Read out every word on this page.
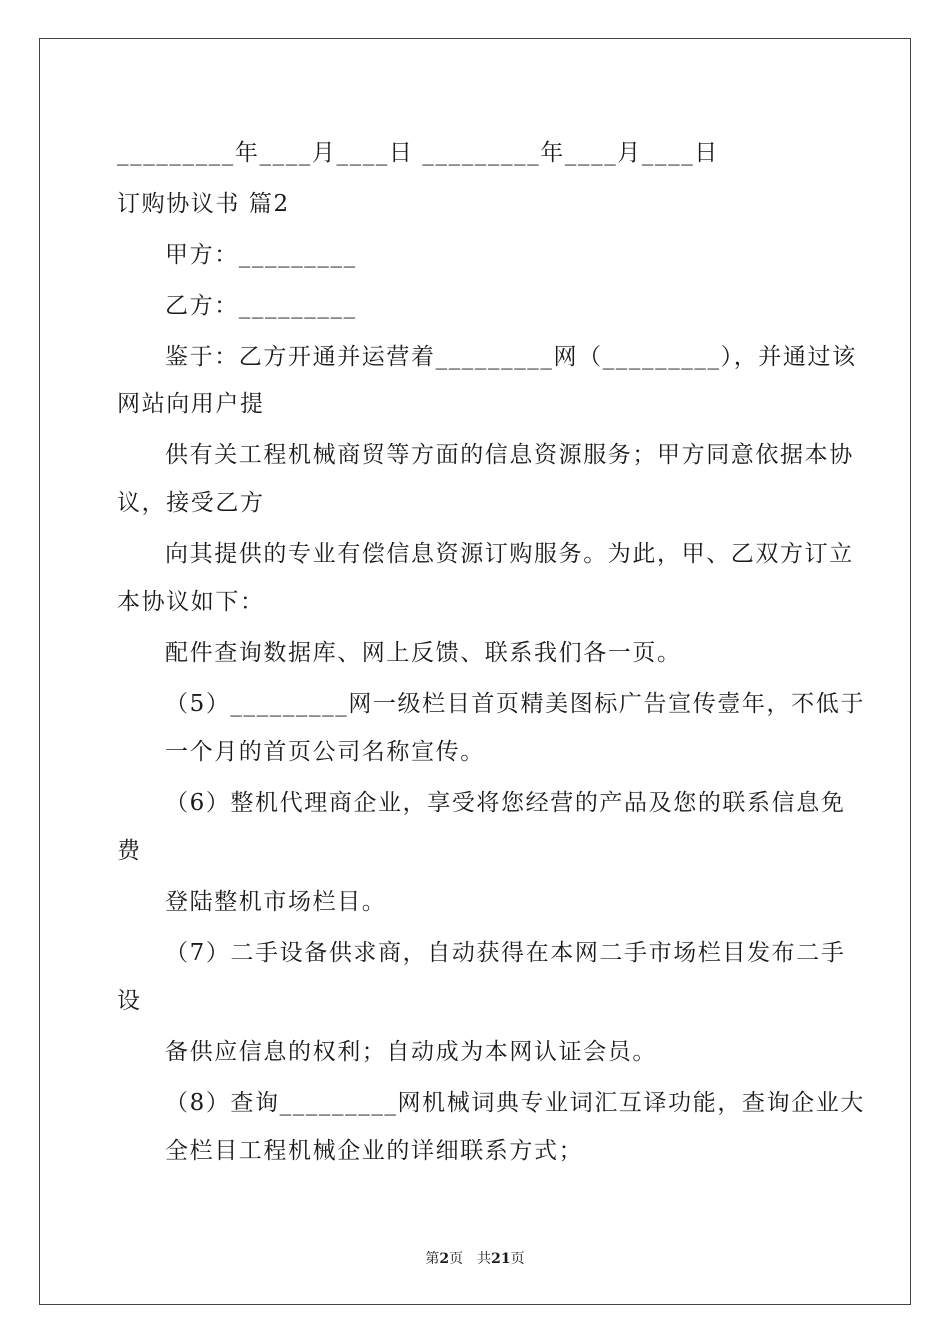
_________年____月____日 _________年____月____日
订购协议书 篇2
甲方：_________
乙方：_________
鉴于：乙方开通并运营着_________网（_________），并通过该
网站向用户提
供有关工程机械商贸等方面的信息资源服务；甲方同意依据本协
议，接受乙方
向其提供的专业有偿信息资源订购服务。为此，甲、乙双方订立
本协议如下：
配件查询数据库、网上反馈、联系我们各一页。
（5）_________网一级栏目首页精美图标广告宣传壹年，不低于
一个月的首页公司名称宣传。
（6）整机代理商企业，享受将您经营的产品及您的联系信息免
费
登陆整机市场栏目。
（7）二手设备供求商，自动获得在本网二手市场栏目发布二手
设
备供应信息的权利；自动成为本网认证会员。
（8）查询_________网机械词典专业词汇互译功能，查询企业大
全栏目工程机械企业的详细联系方式；
第2页　共21页
